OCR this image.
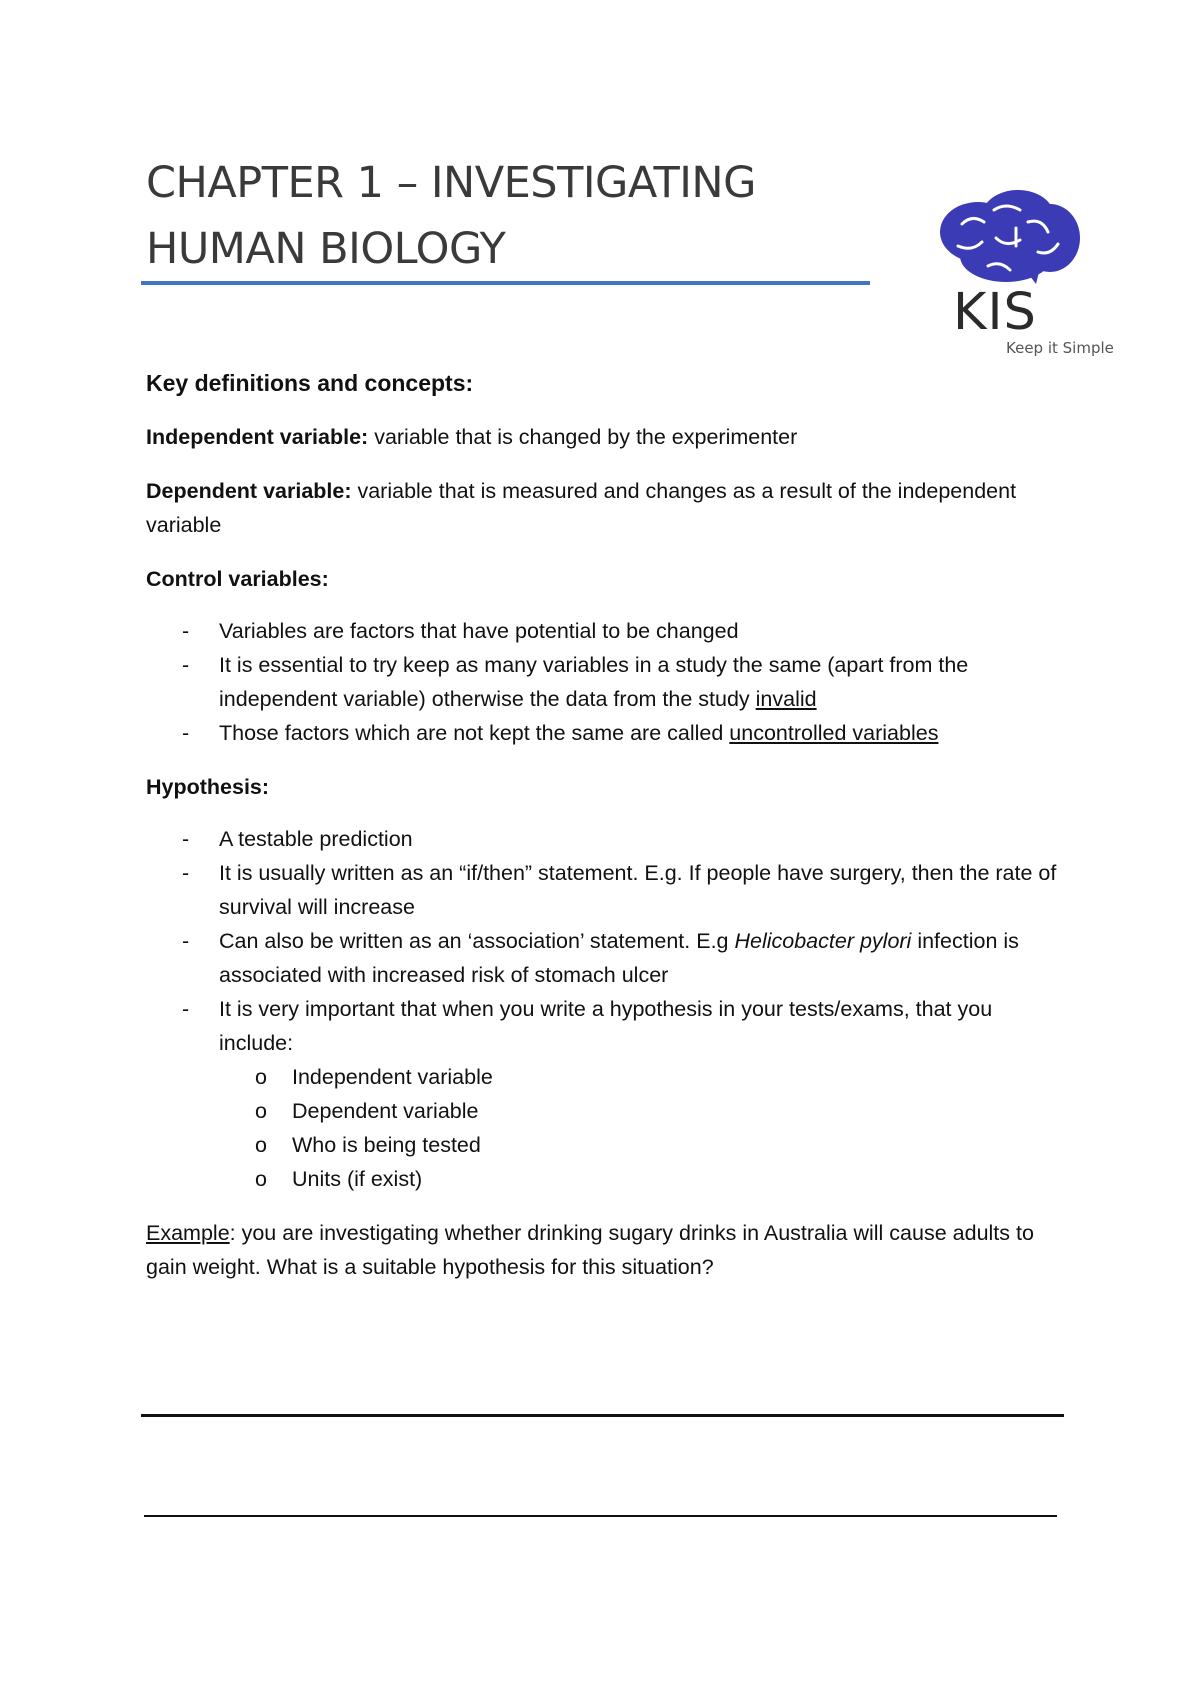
CHAPTER 1 – INVESTIGATING
HUMAN BIOLOGY
KIS
Keep it Simple

Key definitions and concepts:

Independent variable: variable that is changed by the experimenter

Dependent variable: variable that is measured and changes as a result of the independent variable

Control variables:

- Variables are factors that have potential to be changed
- It is essential to try keep as many variables in a study the same (apart from the independent variable) otherwise the data from the study invalid
- Those factors which are not kept the same are called uncontrolled variables

Hypothesis:

- A testable prediction
- It is usually written as an “if/then” statement. E.g. If people have surgery, then the rate of survival will increase
- Can also be written as an ‘association’ statement. E.g Helicobacter pylori infection is associated with increased risk of stomach ulcer
- It is very important that when you write a hypothesis in your tests/exams, that you include:
o Independent variable
o Dependent variable
o Who is being tested
o Units (if exist)

Example: you are investigating whether drinking sugary drinks in Australia will cause adults to gain weight. What is a suitable hypothesis for this situation?
